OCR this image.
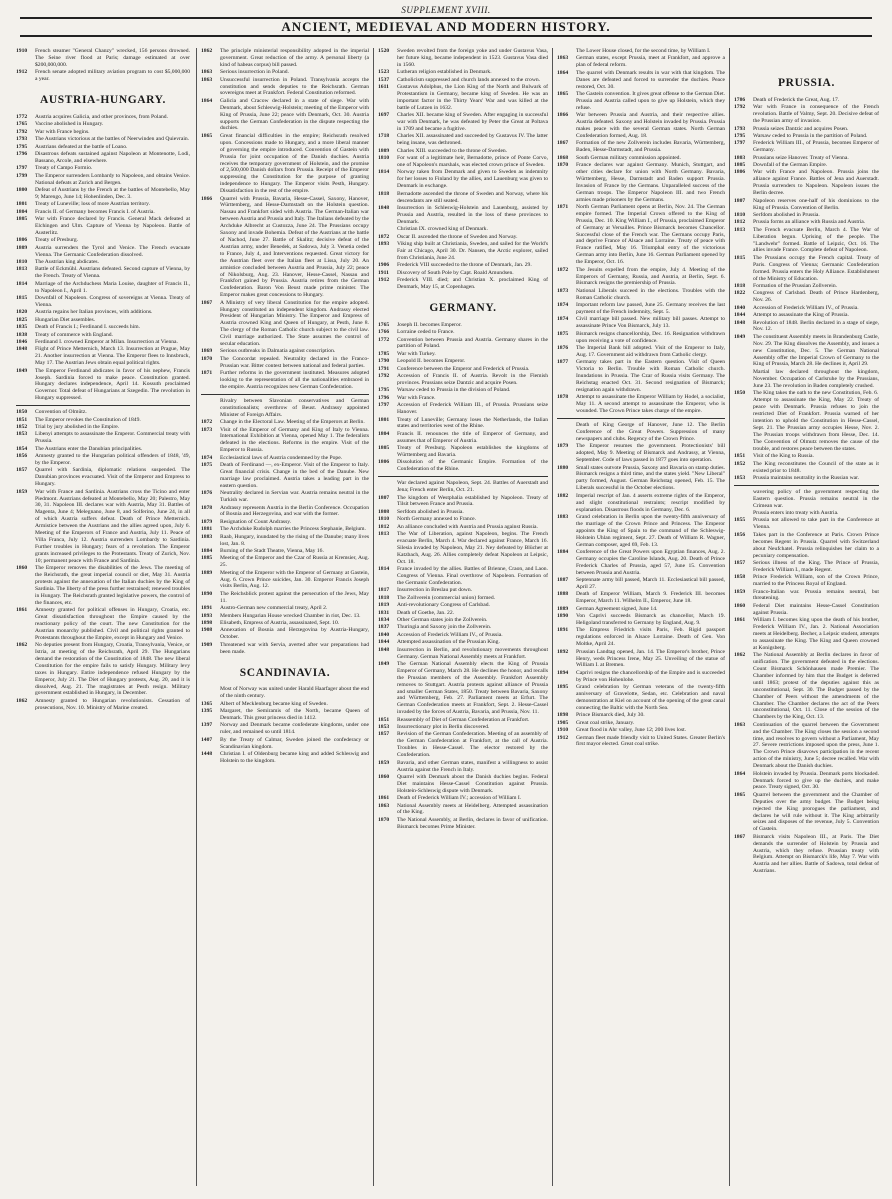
SUPPLEMENT XVIII.
ANCIENT, MEDIEVAL AND MODERN HISTORY.
1910	French steamer "General Chanzy" wrecked, 156 persons drowned. The Seine river flood at Paris; damage estimated at over $200,000,000.
1912	French senate adopted military aviation program to cost $5,000,000 a year.
AUSTRIA-HUNGARY.
1772	Austria acquires Galicia, and other provinces, from Poland.
1765	Vaccine abolished in Hungary.
1792	War with France begins.
1793	The Austrians victorious at the battles of Neerwinden and Quievrain.
1795	Austrians defeated at the battle of Loano.
1796	Disastrous defeats sustained against Napoleon at Montenotte, Lodi, Bassano, Arcole, and elsewhere.
1797	Treaty of Campo Formio.
1799	The Emperor surrenders Lombardy to Napoleon, and obtains Venice. National defeats at Zurich and Bergen.
1800	Defeat of Austrians by the French at the battles of Montebello, May 9; Marengo, June 14; Hohenlinden, Dec. 3.
1801	Treaty of Luneville; loss of more Austrian territory.
1804	Francis II. of Germany becomes Francis I. of Austria.
1805	War with France declared by Francis. General Mack defeated at Elchingen and Ulm. Capture of Vienna by Napoleon. Battle of Austerlitz.
1806	Treaty of Presburg.
1809	Austria surrenders the Tyrol and Venice. The French evacuate Vienna. The Germanic Confederation dissolved.
1810	The Austrian king abdicates.
1813	Battle of Eckmühl. Austrians defeated. Second capture of Vienna, by the French. Treaty of Vienna.
1814	Marriage of the Archduchess Maria Louise, daughter of Francis II., to Napoleon I., April 1.
1815	Downfall of Napoleon. Congress of sovereigns at Vienna. Treaty of Vienna.
1820	Austria regains her Italian provinces, with additions.
1825	Hungarian Diet assembles.
1835	Death of Francis I.; Ferdinand I. succeeds him.
1838	Treaty of commerce with England.
1846	Ferdinand I. crowned Emperor at Milan. Insurrection at Vienna.
1848	Flight of Prince Metternich, March 13. Insurrection at Prague, May 21. Another insurrection at Vienna. The Emperor flees to Innsbruck, May 17. The Austrian Jews obtain equal political rights.
1849	The Emperor Ferdinand abdicates in favor of his nephew, Francis Joseph. Sardinia forced to make peace. Constitution granted. Hungary declares independence, April 14. Kossuth proclaimed Governor. Total defeat of Hungarians at Szegedin. The revolution in Hungary suppressed.
1850	Convention of Olmütz.
1851	The Emperor revokes the Constitution of 1849.
1852	Trial by jury abolished in the Empire.
1853	Libenyi attempts to assassinate the Emperor. Commercial treaty with Prussia.
1854	The Austrians enter the Danubian principalities.
1856	Amnesty granted to the Hungarian political offenders of 1848, '49, by the Emperor.
1857	Quarrel with Sardinia, diplomatic relations suspended. The Danubian provinces evacuated. Visit of the Emperor and Empress to Hungary.
1859	War with France and Sardinia. Austrians cross the Ticino and enter Piedmont. Austrians defeated at Montebello, May 20; Palestro, May 30, 31. Napoleon III. declares war with Austria, May 31. Battles of Magenta, June 4; Melegnano, June 8, and Solferino, June 24, in all of which Austria suffers defeat. Death of Prince Metternich. Armistice between the Austrians and the allies agreed upon, July 6. Meeting of the Emperors of France and Austria, July 11. Peace of Villa Franca, July 12. Austria surrenders Lombardy to Sardinia. Further troubles in Hungary; fears of a revolution. The Emperor grants increased privileges to the Protestants. Treaty of Zurich, Nov. 10; permanent peace with France and Sardinia.
1860	The Emperor removes the disabilities of the Jews. The meeting of the Reichsrath, the great imperial council or diet, May 31. Austria protests against the annexation of the Italian duchies by the King of Sardinia. The liberty of the press further restrained; renewed troubles in Hungary. The Reichsrath granted legislative powers, the control of the finances, etc.
1861	Amnesty granted for political offenses in Hungary, Croatia, etc. Great dissatisfaction throughout the Empire caused by the reactionary policy of the court. The new Constitution for the Austrian monarchy published. Civil and political rights granted to Protestants throughout the Empire, except in Hungary and Venice.
1862	No deputies present from Hungary, Croatia, Transylvania, Venice, or Istria, at meeting of the Reichsrath, April 29. The Hungarians demand the restoration of the Constitution of 1848. The new liberal Constitution for the empire fails to satisfy Hungary. Military levy taxes in Hungary. Entire independence refused Hungary by the Emperor, July 21. The Diet of Hungary protests, Aug. 20, and it is dissolved, Aug. 21. The magistrates at Pesth resign. Military government established in Hungary, in December.
1862	Amnesty granted to Hungarian revolutionists. Cessation of prosecutions, Nov. 10. Ministry of Marine created.
1862	The principle ministerial responsibility adopted in the imperial government. Great reduction of the army. A personal liberty (a kind of habeas corpus) bill passed.
1863	Serious insurrection in Poland.
1863	Unsuccessful insurrection in Poland. Transylvania accepts the constitution and sends deputies to the Reichsrath. German sovereigns meet at Frankfort. Federal Constitution reformed.
1864	Galicia and Cracow declared in a state of siege. War with Denmark, about Schleswig-Holstein; meeting of the Emperor with King of Prussia, June 22; peace with Denmark, Oct. 30. Austria supports the German Confederation in the dispute respecting the duchies.
1865	Great financial difficulties in the empire; Reichsrath resolved upon. Concessions made to Hungary, and a more liberal manner of governing the empire introduced. Convention of Gastein with Prussia for joint occupation of the Danish duchies. Austria receives the temporary government of Holstein, and the promise of 2,500,000 Danish dollars from Prussia. Receipt of the Emperor suppressing the Constitution for the purpose of granting independence to Hungary. The Emperor visits Pesth, Hungary. Dissatisfaction in the rest of the empire.
1866	Quarrel with Prussia, Bavaria, Hesse-Cassel, Saxony, Hanover, Württemberg, and Hesse-Darmstadt on the Holstein question. Nassau and Frankfort sided with Austria. The German-Italian war between Austria and Prussia and Italy. The Italians defeated by the Archduke Albrecht at Custozza, June 24. The Prussians occupy Saxony and invade Bohemia. Defeat of the Austrians at the battle of Nachod, June 27. Battle of Skalitz; decisive defeat of the Austrian army, under Benedek, at Sadowa, July 3. Venetia ceded to France, July 4, and Interventions requested. Great victory for the Austrian fleet over the Italian fleet at Lissa, July 20. An armistice concluded between Austria and Prussia, July 22; peace of Nikolsburg, Aug. 23. Hanover, Hesse-Cassel, Nassau and Frankfort gained by Prussia. Austria retires from the German Confederation. Baron Von Beust made prime minister. The Emperor makes great concessions to Hungary.
1867	A Ministry of very liberal Constitution for the empire adopted. Hungary constituted an independent kingdom. Andrassy elected President of Hungarian Ministry. The Emperor and Empress of Austria crowned King and Queen of Hungary, at Pesth, June 8. The clergy of the Roman Catholic church subject to the civil law. Civil marriage authorized. The State assumes the control of secular education.
1869	Serious outbreaks in Dalmatia against conscription.
1870	The Concordat repealed. Neutrality declared in the Franco-Prussian war. Bitter contest between national and federal parties.
1871	Further reforms in the government instituted. Measures adopted looking to the representation of all the nationalities embraced in the empire. Austria recognizes new German Confederation.
Rivalry between Slavonian conservatives and German constitutionalists; overthrow of Beust. Andrassy appointed Minister of Foreign Affairs.
1872	Change in the Electoral Law. Meeting of the Emperors at Berlin.
1873	Visit of the Emperor of Germany and King of Italy to Vienna. International Exhibition at Vienna, opened May 1. The federalists defeated in the elections. Reforms in the empire. Visit of the Emperor to Russia.
1874	Ecclesiastical laws of Austria condemned by the Pope.
1875	Death of Ferdinand —, ex-Emperor. Visit of the Emperor to Italy. Great financial crisis. Change in the bed of the Danube. New marriage law proclaimed. Austria takes a leading part in the eastern question.
1876	Neutrality declared in Servian war. Austria remains neutral in the Turkish war.
1878	Andrassy represents Austria in the Berlin Conference. Occupation of Bosnia and Herzegovina, and war with the former.
1879	Resignation of Count Andrassy.
1881	The Archduke Rudolph marries the Princess Stephanie, Belgium.
1883	Raab, Hungary, inundated by the rising of the Danube; many lives lost, Jan. 8.
1884	Burning of the Stadt Theatre, Vienna, May 16.
1885	Meeting of the Emperor and the Czar of Russia at Kremsier, Aug. 25.
1889	Meeting of the Emperor with the Emperor of Germany at Gastein, Aug. 6. Crown Prince suicides, Jan. 30. Emperor Francis Joseph visits Berlin, Aug. 12.
1890	The Reichsblick protest against the persecution of the Jews, May 11.
1891	Austro-German new commercial treaty, April 2.
1893	Members Hungarian House wrecked Chamber in riot, Dec. 13.
1898	Elisabeth, Empress of Austria, assassinated, Sept. 10.
1908	Annexation of Bosnia and Herzegovina by Austria-Hungary, October.
1909	Threatened war with Servia, averted after war preparations had been made.
SCANDINAVIA.
Most of Norway was united under Harald Haarfager about the end of the ninth century.
1365	Albert of Mecklenburg became king of Sweden.
1395	Margaret, the Semiramis of the North, became Queen of Denmark. This great princess died in 1412.
1397	Norway and Denmark became confederate kingdoms, under one ruler, and remained so until 1814.
1407	By the Treaty of Calmar, Sweden joined the confederacy or Scandinavian kingdom.
1448	Christian I. of Oldenburg became king and added Schleswig and Holstein to the kingdom.
1520	Sweden revolted from the foreign yoke and under Gustavus Vasa, her future king, became independent in 1523. Gustavus Vasa died in 1560.
1523	Lutheran religion established in Denmark.
1537	Catholicism suppressed and church lands annexed to the crown.
1611	Gustavus Adolphus, the Lion King of the North and Bulwark of Protestantism in Germany, became king of Sweden. He was an important factor in the Thirty Years' War and was killed at the battle of Lutzen in 1632.
1697	Charles XII. became king of Sweden. After engaging in successful war with Denmark, he was defeated by Peter the Great at Poltava in 1709 and became a fugitive.
1718	Charles XII. assassinated and succeeded by Gustavus IV. The latter being insane, was dethroned.
1809	Charles XIII. succeeded to the throne of Sweden.
1810	For want of a legitimate heir, Bernadotte, prince of Ponte Corvo, one of Napoleon's marshals, was elected crown prince of Sweden.
1814	Norway taken from Denmark and given to Sweden as indemnity for her losses to Finland by the allies, and Lauenburg was given to Denmark in exchange.
1818	Bernadotte ascended the throne of Sweden and Norway, where his descendants are still seated.
1848	Insurrection in Schleswig-Holstein and Lauenburg, assisted by Prussia and Austria, resulted in the loss of these provinces to Denmark.
Christian IX. crowned king of Denmark.
1872	Oscar II. ascended the throne of Sweden and Norway.
1893	Viking ship built at Christiania, Sweden, and sailed for the World's Fair at Chicago, April 30. Dr. Nansen, the Arctic explorer, sailed from Christiania, June 24.
1906	Frederick VIII succeeded to the throne of Denmark, Jan. 29.
1911	Discovery of South Pole by Capt. Roald Amundsen.
1912	Frederick VIII. died; and Christian X. proclaimed King of Denmark, May 15, at Copenhagen.
GERMANY.
1765	Joseph II. becomes Emperor.
1766	Lorraine ceded to France.
1772	Convention between Prussia and Austria. Germany shares in the partition of Poland.
1785	War with Turkey.
1790	Leopold II. becomes Emperor.
1791	Conference between the Emperor and Frederick of Prussia.
1792	Accession of Francis II. of Austria. Revolt in the Flemish provinces. Prussians seize Dantzic and acquire Posen.
1795	Warsaw ceded to Prussia in the division of Poland.
1796	War with France.
1797	Accession of Frederick William III., of Prussia. Prussians seize Hanover.
1801	Treaty of Luneville; Germany loses the Netherlands, the Italian states and territories west of the Rhine.
1804	Francis II. renounces the title of Emperor of Germany, and assumes that of Emperor of Austria.
1805	Treaty of Presburg. Napoleon establishes the kingdoms of Württemberg and Bavaria.
1806	Dissolution of the Germanic Empire. Formation of the Confederation of the Rhine.
War declared against Napoleon, Sept. 24. Battles of Auerstadt and Jena; French enter Berlin, Oct. 21.
1807	The kingdom of Westphalia established by Napoleon. Treaty of Tilsit between France and Prussia.
1808	Serfdom abolished in Prussia.
1810	North Germany annexed to France.
1812	An alliance concluded with Austria and Prussia against Russia.
1813	The War of Liberation, against Napoleon, begins. The French evacuate Berlin, March 4. War declared against France, March 16. Silesia invaded by Napoleon, May 21. Ney defeated by Blücher at Katzbach, Aug. 26. Allies completely defeat Napoleon at Leipsic, Oct. 18.
1814	France invaded by the allies. Battles of Brienne, Craon, and Laon. Congress of Vienna. Final overthrow of Napoleon. Formation of the Germanic Confederation.
1817	Insurrection in Breslau put down.
1818	The Zollverein (commercial union) formed.
1819	Anti-revolutionary Congress of Carlsbad.
1831	Death of Goethe, Jan. 22.
1834	Other German states join the Zollverein.
1837	Thuringia and Saxony join the Zollverein.
1840	Accession of Frederick William IV., of Prussia.
1844	Attempted assassination of the Prussian King.
1848	Insurrection in Berlin, and revolutionary movements throughout Germany. German National Assembly meets at Frankfort.
1849	The German National Assembly elects the King of Prussia Emperor of Germany, March 28. He declines the honor, and recalls the Prussian members of the Assembly. Frankfort Assembly removes to Stuttgart. Austria protests against alliance of Prussia and smaller German States, 1850. Treaty between Bavaria, Saxony and Württemberg, Feb. 27. Parliament meets at Erfurt. The German Confederation meets at Frankfort, Sept. 2. Hesse-Cassel invaded by the forces of Austria, Bavaria, and Prussia, Nov. 11.
1851	Reassembly of Diet of German Confederation at Frankfort.
1853	Insurrectionary plot in Berlin discovered.
1857	Revision of the German Confederation. Meeting of an assembly of the German Confederation at Frankfort, at the call of Austria. Troubles in Hesse-Cassel. The elector restored by the Confederation.
1859	Bavaria, and other German states, manifest a willingness to assist Austria against the French in Italy.
1860	Quarrel with Denmark about the Danish duchies begins. Federal Diet maintains Hesse-Cassel Constitution against Prussia. Holstein-Schleswig dispute with Denmark.
1861	Death of Frederick William IV.; accession of William I.
1863	National Assembly meets at Heidelberg. Attempted assassination of the King.
1870	The National Assembly, at Berlin, declares in favor of unification. Bismarck becomes Prime Minister.
The Lower House closed, for the second time, by William I.
1863	German states, except Prussia, meet at Frankfort, and approve a plan of federal reform.
1864	The quarrel with Denmark results in war with that kingdom. The Danes are defeated and forced to surrender the duchies. Peace restored, Oct. 30.
1865	The Gastein convention. It gives great offense to the German Diet. Prussia and Austria called upon to give up Holstein, which they refuse.
1866	War between Prussia and Austria, and their respective allies. Austria defeated. Saxony and Holstein invaded by Prussia. Prussia makes peace with the several German states. North German Confederation formed, Aug. 18.
1867	Formation of the new Zollverein includes Bavaria, Württemberg, Baden, Hesse-Darmstadt, and Prussia.
1868	South German military commission appointed.
1870	France declares war against Germany. Munich, Stuttgart, and other cities declare for union with North Germany. Bavaria, Württemberg, Hesse, Darmstadt and Baden support Prussia. Invasion of France by the Germans. Unparalleled success of the German troops. The Emperor Napoleon III. and two French armies made prisoners by the Germans.
1871	North German Parliament opens at Berlin, Nov. 24. The German empire formed. The Imperial Crown offered to the King of Prussia, Dec. 10. King William I., of Prussia, proclaimed Emperor of Germany at Versailles. Prince Bismarck becomes Chancellor. Successful close of the French war. The Germans occupy Paris, and deprive France of Alsace and Lorraine. Treaty of peace with France ratified, May 16. Triumphal entry of the victorious German army into Berlin, June 16. German Parliament opened by the Emperor, Oct. 16.
1872	The Jesuits expelled from the empire, July 4. Meeting of the Emperors of Germany, Russia, and Austria, at Berlin, Sept. 6. Bismarck resigns the premiership of Prussia.
1873	National Liberals succeed in the elections. Troubles with the Roman Catholic church.
1874	Important reform law passed, June 25. Germany receives the last payment of the French indemnity, Sept. 5.
1874	Civil marriage bill passed. New military bill passes. Attempt to assassinate Prince Von Bismarck, July 13.
1875	Bismarck resigns chancellorship, Dec. 16. Resignation withdrawn upon receiving a vote of confidence.
1876	The Imperial Bank bill adopted. Visit of the Emperor to Italy, Aug. 17. Government aid withdrawn from Catholic clergy.
1877	Germany takes part in the Eastern question. Visit of Queen Victoria to Berlin. Trouble with Roman Catholic church. Inundations in Prussia. The Czar of Russia visits Germany. The Reichstag enacted Oct. 31. Second resignation of Bismarck; resignation again withdrawn.
1878	Attempt to assassinate the Emperor William by Hodel, a socialist, May 11. A second attempt to assassinate the Emperor, who is wounded. The Crown Prince takes charge of the empire.
Death of King George of Hanover, June 12. The Berlin Conference of the Great Powers. Suppression of many newspapers and clubs. Regency of the Crown Prince.
1879	The Emperor resumes the government. Protectionists' bill adopted, May 9. Meeting of Bismarck and Andrassy, at Vienna, September. Code of laws passed in 1877 goes into operation.
1880	Small states outvote Prussia, Saxony and Bavaria on stamp duties. Bismarck resigns a third time, and the states yield. "New Liberal" party formed, August. German Reichstag opened, Feb. 15. The Liberals successful in the October elections.
1882	Imperial rescript of Jan. 4 asserts extreme rights of the Emperor, and slight constitutional restraints; rescript modified by explanation. Disastrous floods in Germany, Dec. 6.
1883	Grand celebration in Berlin upon the twenty-fifth anniversary of the marriage of the Crown Prince and Princess. The Emperor appoints the King of Spain to the command of the Schleswig-Holstein Uhlan regiment, Sept. 27. Death of William R. Wagner, German composer, aged 69, Feb. 13.
1884	Conference of the Great Powers upon Egyptian finances, Aug. 2. Germany occupies the Caroline Islands, Aug. 20. Death of Prince Frederick Charles of Prussia, aged 57, June 15. Convention between Prussia and Austria.
1887	Septennate army bill passed, March 11. Ecclesiastical bill passed, April 27.
1888	Death of Emperor William, March 9. Frederick III. becomes Emperor, March 11. Wilhelm II., Emperor, June 18.
1889	German Agreement signed, June 14.
1890	Von Caprivi succeeds Bismarck as chancellor, March 19. Heligoland transferred to Germany by England, Aug. 9.
1891	The Empress Friedrich visits Paris, Feb. Rigid passport regulations enforced in Alsace Lorraine. Death of Gen. Von Moltke, April 24.
1892	Prussian Landtag opened, Jan. 14. The Emperor's brother, Prince Henry, weds Princess Irene, May 25. Unveiling of the statue of William I. at Bremen.
1894	Caprivi resigns the chancellorship of the Empire and is succeeded by Prince von Hohenlohe.
1895	Grand celebration by German veterans of the twenty-fifth anniversary of Gravelotte, Sedan, etc. Celebration and naval demonstration at Kiel on account of the opening of the great canal connecting the Baltic with the North Sea.
1898	Prince Bismarck died, July 30.
1905	Great coal strike, January.
1910	Great flood in Ahr valley, June 12; 200 lives lost.
1912	German fleet made friendly visit to United States. Greater Berlin's first mayor elected. Great coal strike.
PRUSSIA.
1786	Death of Frederick the Great, Aug. 17.
1792	War with France in consequence of the French revolution. Battle of Valmy, Sept. 20. Decisive defeat of the Prussian army of invasion.
1793	Prussia seizes Dantzic and acquires Posen.
1795	Warsaw ceded to Prussia in the partition of Poland.
1797	Frederick William III., of Prussia, becomes Emperor of Germany.
1803	Prussians seize Hanover. Treaty of Vienna.
1805	Downfall of the German Empire.
1806	War with France and Napoleon. Prussia joins the alliance against France. Battles of Jena and Auerstadt. Prussia surrenders to Napoleon. Napoleon issues the Berlin decree.
1807	Napoleon reserves one-half of his dominions to the King of Prussia. Convention of Berlin.
1810	Serfdom abolished in Prussia.
1812	Prussia forms an alliance with Russia and Austria.
1813	The French evacuate Berlin, March 4. The War of Liberation begun. Uprising of the people. The "Landwehr" formed. Battle of Leipzic, Oct. 16. The allies invade France. Complete defeat of Napoleon.
1815	The Prussians occupy the French capital. Treaty of Paris. Congress of Vienna; Germanic Confederation formed. Prussia enters the Holy Alliance. Establishment of the Ministry of Education.
1818	Formation of the Prussian Zollverein.
1822	Congress of Carlsbad. Death of Prince Hardenberg, Nov. 26.
1840	Accession of Frederick William IV., of Prussia.
1844	Attempt to assassinate the King of Prussia.
1848	Revolution of 1848. Berlin declared in a stage of siege, Nov. 12.
1849	The constituent Assembly meets in Brandenburg Castle, Nov. 29. The King dissolves the Assembly, and issues a new Constitution, Dec. 5. The German National Assembly offer the Imperial Crown of Germany to the King of Prussia, March 28. He declines it, April 29.
Martial law declared throughout the kingdom, November. Occupation of Carlsruhe by the Prussians, June 23. The revolution in Baden completely crushed.
1850	The King takes the oath to the new Constitution, Feb. 6.
Attempt to assassinate the King, May 22. Treaty of peace with Denmark. Prussia refuses to join the restricted Diet of Frankfort. Prussia warned of her intention to uphold the Constitution in Hesse-Cassel, Sept. 21. The Prussian army occupies Hesse, Nov. 2. The Prussian troops withdrawn from Hesse, Dec. 14. The Convention of Olmutz removes the cause of the trouble, and restores peace between the states.
1851	Visit of the King to Russia.
1852	The King reconstitutes the Council of the state as it existed prior to 1848.
1853	Prussia maintains neutrality in the Russian war.
wavering policy of the government respecting the Eastern question. Prussia remains neutral in the Crimean war.
Prussia enters into treaty with Austria.
1855	Prussia not allowed to take part in the Conference at Vienna.
1856	Takes part in the Conference at Paris. Crown Prince becomes Regent in Prussia. Quarrel with Switzerland about Neufchatel. Prussia relinquishes her claim to a pecuniary compensation.
1857	Serious illness of the King. The Prince of Prussia, Frederick William I., made Regent.
1858	Prince Frederick William, son of the Crown Prince, married to the Princess Royal of England.
1859	Franco-Italian war. Prussia remains neutral, but threatening.
1860	Federal Diet maintains Hesse-Cassel Constitution against Prussia.
1861	William I. becomes king upon the death of his brother, Frederick William IV., Jan. 2. National Association meets at Heidelberg. Becher, a Leipsic student, attempts to assassinate the King. The King and Queen crowned at Konigsberg.
1862	The National Assembly at Berlin declares in favor of unification. The government defeated in the elections. Count Bismarck Schönhausen made Premier. The Chamber informed by him that the Budget is deferred until 1863; protest of the deputies against this as unconstitutional, Sept. 30. The Budget passed by the Chamber of Peers without the amendments of the Chamber. The Chamber declares the act of the Peers unconstitutional, Oct. 11. Close of the session of the Chambers by the King, Oct. 13.
1863	Continuation of the quarrel between the Government and the Chamber. The King closes the session a second time, and resolves to govern without a Parliament, May 27. Severe restrictions imposed upon the press, June 1. The Crown Prince disavows participation in the recent action of the ministry, June 5; decree recalled. War with Denmark about the Danish duchies.
1864	Holstein invaded by Prussia. Denmark ports blockaded. Denmark forced to give up the duchies, and make peace. Treaty signed, Oct. 30.
1865	Quarrel between the government and the Chamber of Deputies over the army budget. The Budget being rejected the King prorogues the parliament, and declares he will rule without it. The King arbitrarily seizes and disposes of the revenue, July 5. Convention of Gastein.
1867	Bismarck visits Napoleon III., at Paris. The Diet demands the surrender of Holstein by Prussia and Austria, which they refuse. Prussian treaty with Belgium. Attempt on Bismarck's life, May 7. War with Austria and her allies. Battle of Sadowa, total defeat of Austrians.
